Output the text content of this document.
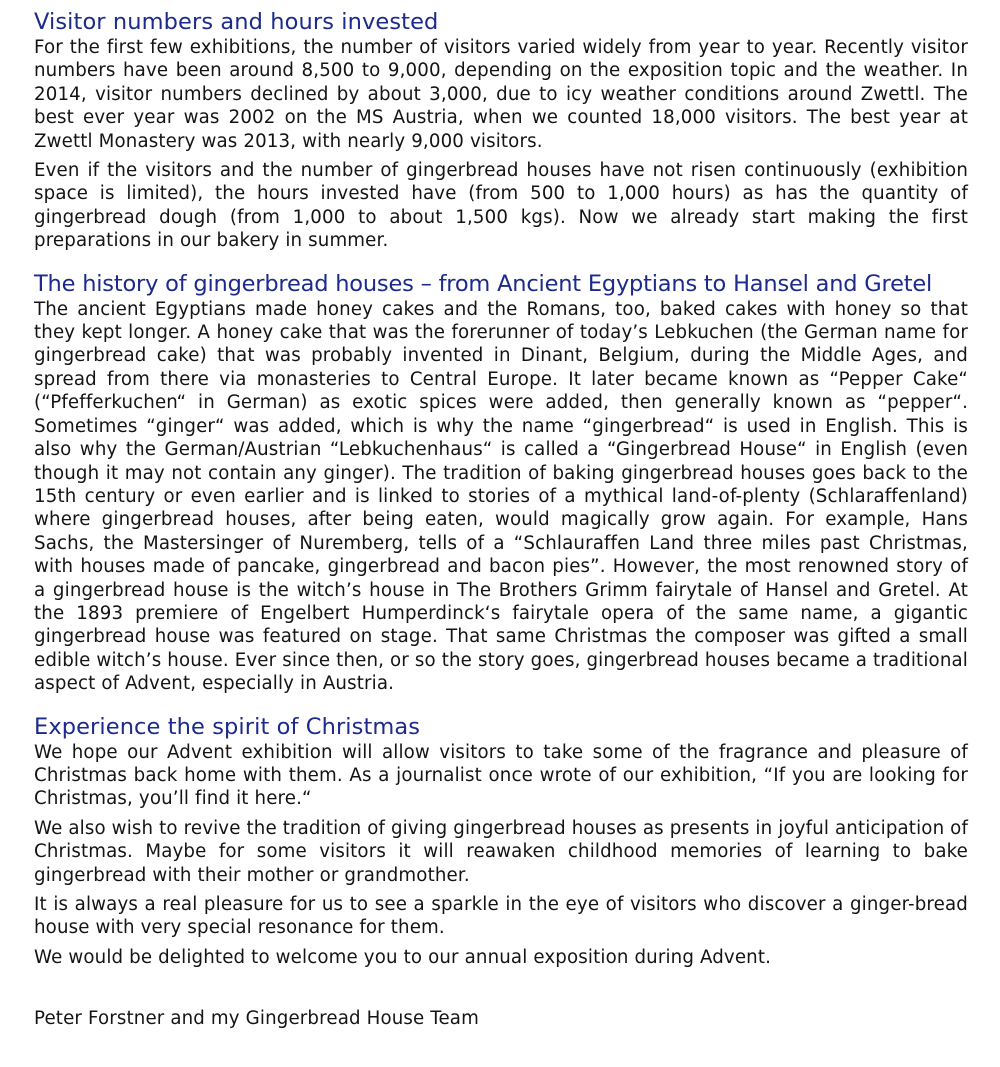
Visitor numbers and hours invested

For the first few exhibitions, the number of visitors varied widely from year to year. Recently visitor numbers have been around 8,500 to 9,000, depending on the exposition topic and the weather. In 2014, visitor numbers declined by about 3,000, due to icy weather conditions around Zwettl. The best ever year was 2002 on the MS Austria, when we counted 18,000 visitors. The best year at Zwettl Monastery was 2013, with nearly 9,000 visitors.

Even if the visitors and the number of gingerbread houses have not risen continuously (exhibition space is limited), the hours invested have (from 500 to 1,000 hours) as has the quantity of gingerbread dough (from 1,000 to about 1,500 kgs). Now we already start making the first preparations in our bakery in summer.

The history of gingerbread houses – from Ancient Egyptians to Hansel and Gretel

The ancient Egyptians made honey cakes and the Romans, too, baked cakes with honey so that they kept longer. A honey cake that was the forerunner of today’s Lebkuchen (the German name for gingerbread cake) that was probably invented in Dinant, Belgium, during the Middle Ages, and spread from there via monasteries to Central Europe. It later became known as “Pepper Cake“ (“Pfefferkuchen“ in German) as exotic spices were added, then generally known as “pepper“. Sometimes “ginger“ was added, which is why the name “gingerbread“ is used in English. This is also why the German/Austrian “Lebkuchenhaus“ is called a “Gingerbread House“ in English (even though it may not contain any ginger). The tradition of baking gingerbread houses goes back to the 15th century or even earlier and is linked to stories of a mythical land-of-plenty (Schlaraffenland) where gingerbread houses, after being eaten, would magically grow again. For example, Hans Sachs, the Mastersinger of Nuremberg, tells of a “Schlauraffen Land three miles past Christmas, with houses made of pancake, gingerbread and bacon pies”. However, the most renowned story of a gingerbread house is the witch’s house in The Brothers Grimm fairytale of Hansel and Gretel. At the 1893 premiere of Engelbert Humperdinck‘s fairytale opera of the same name, a gigantic gingerbread house was featured on stage. That same Christmas the composer was gifted a small edible witch’s house. Ever since then, or so the story goes, gingerbread houses became a traditional aspect of Advent, especially in Austria.

Experience the spirit of Christmas

We hope our Advent exhibition will allow visitors to take some of the fragrance and pleasure of Christmas back home with them. As a journalist once wrote of our exhibition, “If you are looking for Christmas, you’ll find it here.“

We also wish to revive the tradition of giving gingerbread houses as presents in joyful anticipation of Christmas. Maybe for some visitors it will reawaken childhood memories of learning to bake gingerbread with their mother or grandmother.

It is always a real pleasure for us to see a sparkle in the eye of visitors who discover a ginger-bread house with very special resonance for them.

We would be delighted to welcome you to our annual exposition during Advent.

Peter Forstner and my Gingerbread House Team
